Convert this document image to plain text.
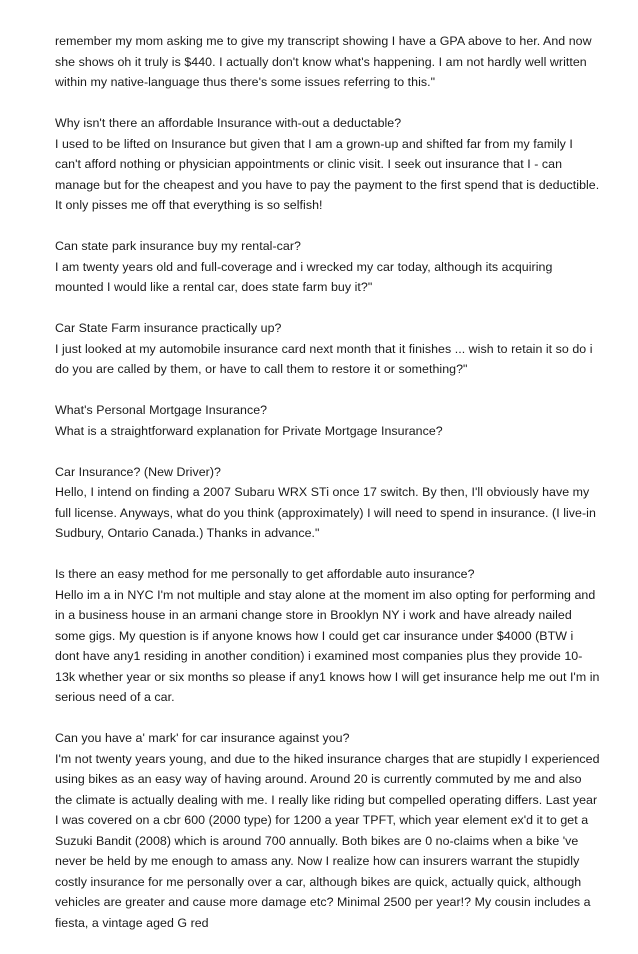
remember my mom asking me to give my transcript showing I have a GPA above to her. And now she shows oh it truly is $440. I actually don't know what's happening. I am not hardly well written within my native-language thus there's some issues referring to this."

Why isn't there an affordable Insurance with-out a deductable?

I used to be lifted on Insurance but given that I am a grown-up and shifted far from my family I can't afford nothing or physician appointments or clinic visit. I seek out insurance that I - can manage but for the cheapest and you have to pay the payment to the first spend that is deductible. It only pisses me off that everything is so selfish!

Can state park insurance buy my rental-car?

I am twenty years old and full-coverage and i wrecked my car today, although its acquiring mounted I would like a rental car, does state farm buy it?"

Car State Farm insurance practically up?

I just looked at my automobile insurance card next month that it finishes ... wish to retain it so do i do you are called by them, or have to call them to restore it or something?"

What's Personal Mortgage Insurance?

What is a straightforward explanation for Private Mortgage Insurance?

Car Insurance? (New Driver)?

Hello, I intend on finding a 2007 Subaru WRX STi once 17 switch. By then, I'll obviously have my full license. Anyways, what do you think (approximately) I will need to spend in insurance. (I live-in Sudbury, Ontario Canada.) Thanks in advance."

Is there an easy method for me personally to get affordable auto insurance?

Hello im a in NYC I'm not multiple and stay alone at the moment im also opting for performing and in a business house in an armani change store in Brooklyn NY i work and have already nailed some gigs. My question is if anyone knows how I could get car insurance under $4000 (BTW i dont have any1 residing in another condition) i examined most companies plus they provide 10-13k whether year or six months so please if any1 knows how I will get insurance help me out I'm in serious need of a car.

Can you have a' mark' for car insurance against you?

I'm not twenty years young, and due to the hiked insurance charges that are stupidly I experienced using bikes as an easy way of having around. Around 20 is currently commuted by me and also the climate is actually dealing with me. I really like riding but compelled operating differs. Last year I was covered on a cbr 600 (2000 type) for 1200 a year TPFT, which year element ex'd it to get a Suzuki Bandit (2008) which is around 700 annually. Both bikes are 0 no-claims when a bike 've never be held by me enough to amass any. Now I realize how can insurers warrant the stupidly costly insurance for me personally over a car, although bikes are quick, actually quick, although vehicles are greater and cause more damage etc? Minimal 2500 per year!? My cousin includes a fiesta, a vintage aged G red
